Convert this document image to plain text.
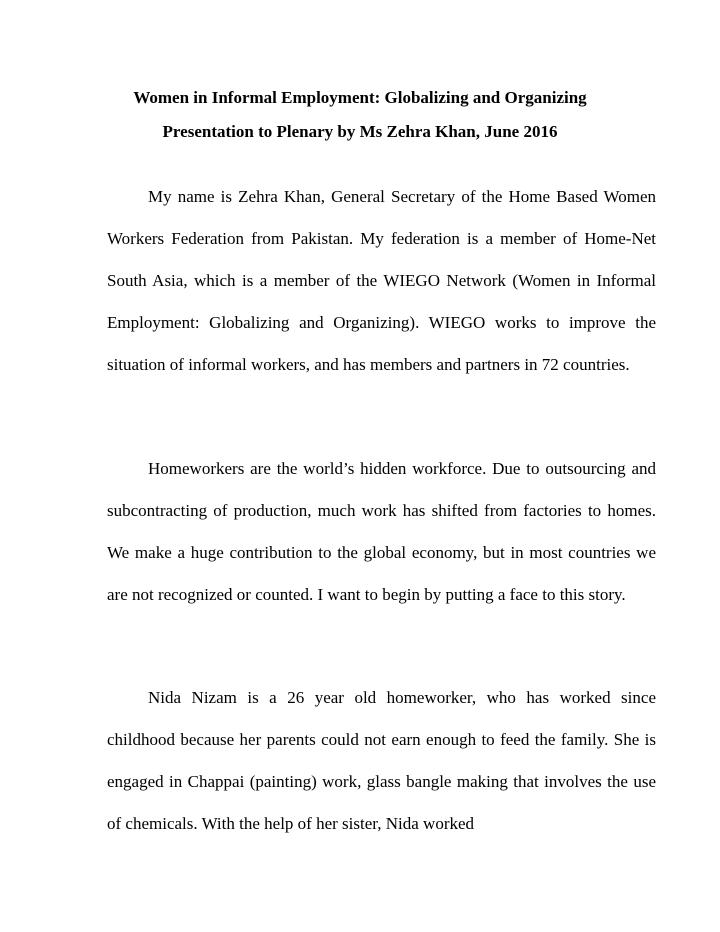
Women in Informal Employment: Globalizing and Organizing
Presentation to Plenary by Ms Zehra Khan, June 2016

My name is Zehra Khan, General Secretary of the Home Based Women Workers Federation from Pakistan. My federation is a member of Home-Net South Asia, which is a member of the WIEGO Network (Women in Informal Employment: Globalizing and Organizing). WIEGO works to improve the situation of informal workers, and has members and partners in 72 countries.

Homeworkers are the world’s hidden workforce. Due to outsourcing and subcontracting of production, much work has shifted from factories to homes. We make a huge contribution to the global economy, but in most countries we are not recognized or counted. I want to begin by putting a face to this story.

Nida Nizam is a 26 year old homeworker, who has worked since childhood because her parents could not earn enough to feed the family. She is engaged in Chappai (painting) work, glass bangle making that involves the use of chemicals. With the help of her sister, Nida worked
